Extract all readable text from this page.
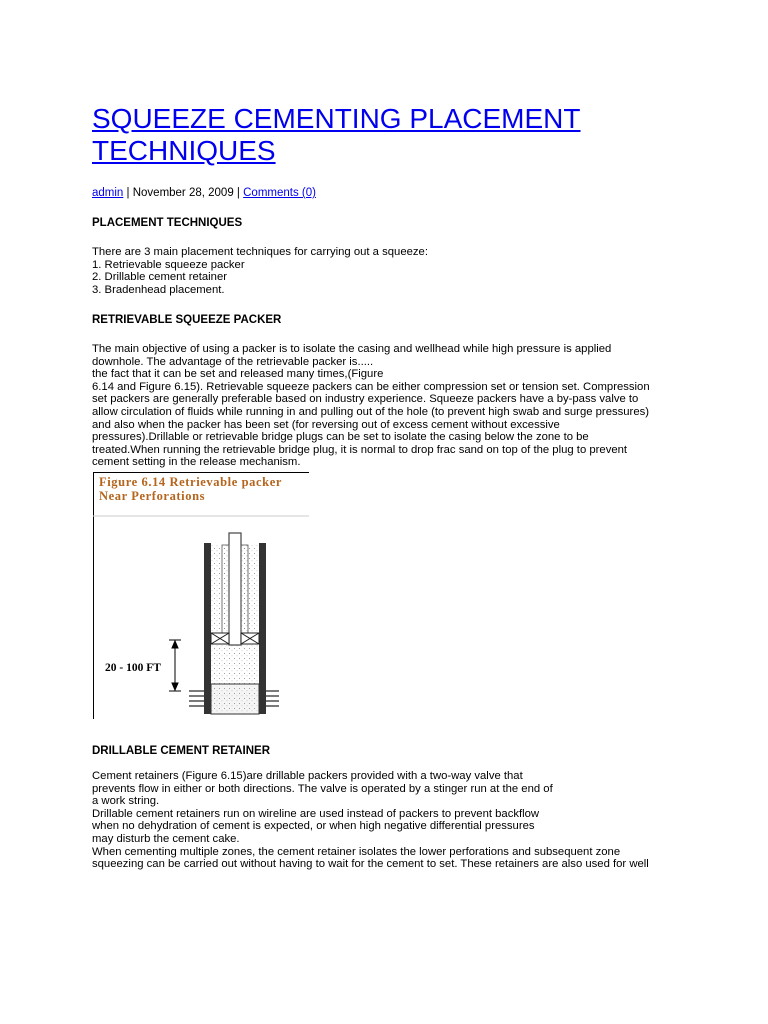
SQUEEZE CEMENTING PLACEMENT
TECHNIQUES
admin | November 28, 2009 | Comments (0)
PLACEMENT TECHNIQUES
There are 3 main placement techniques for carrying out a squeeze:
1. Retrievable squeeze packer
2. Drillable cement retainer
3. Bradenhead placement.
RETRIEVABLE SQUEEZE PACKER
The main objective of using a packer is to isolate the casing and wellhead while high pressure is applied
downhole. The advantage of the retrievable packer is.....
the fact that it can be set and released many times,(Figure
6.14 and Figure 6.15). Retrievable squeeze packers can be either compression set or tension set. Compression
set packers are generally preferable based on industry experience. Squeeze packers have a by-pass valve to
allow circulation of fluids while running in and pulling out of the hole (to prevent high swab and surge pressures)
and also when the packer has been set (for reversing out of excess cement without excessive
pressures).Drillable or retrievable bridge plugs can be set to isolate the casing below the zone to be
treated.When running the retrievable bridge plug, it is normal to drop frac sand on top of the plug to prevent
cement setting in the release mechanism.
Figure 6.14 Retrievable packer
Near Perforations
20 - 100 FT
DRILLABLE CEMENT RETAINER
Cement retainers (Figure 6.15)are drillable packers provided with a two-way valve that
prevents flow in either or both directions. The valve is operated by a stinger run at the end of
a work string.
Drillable cement retainers run on wireline are used instead of packers to prevent backflow
when no dehydration of cement is expected, or when high negative differential pressures
may disturb the cement cake.
When cementing multiple zones, the cement retainer isolates the lower perforations and subsequent zone
squeezing can be carried out without having to wait for the cement to set. These retainers are also used for well
